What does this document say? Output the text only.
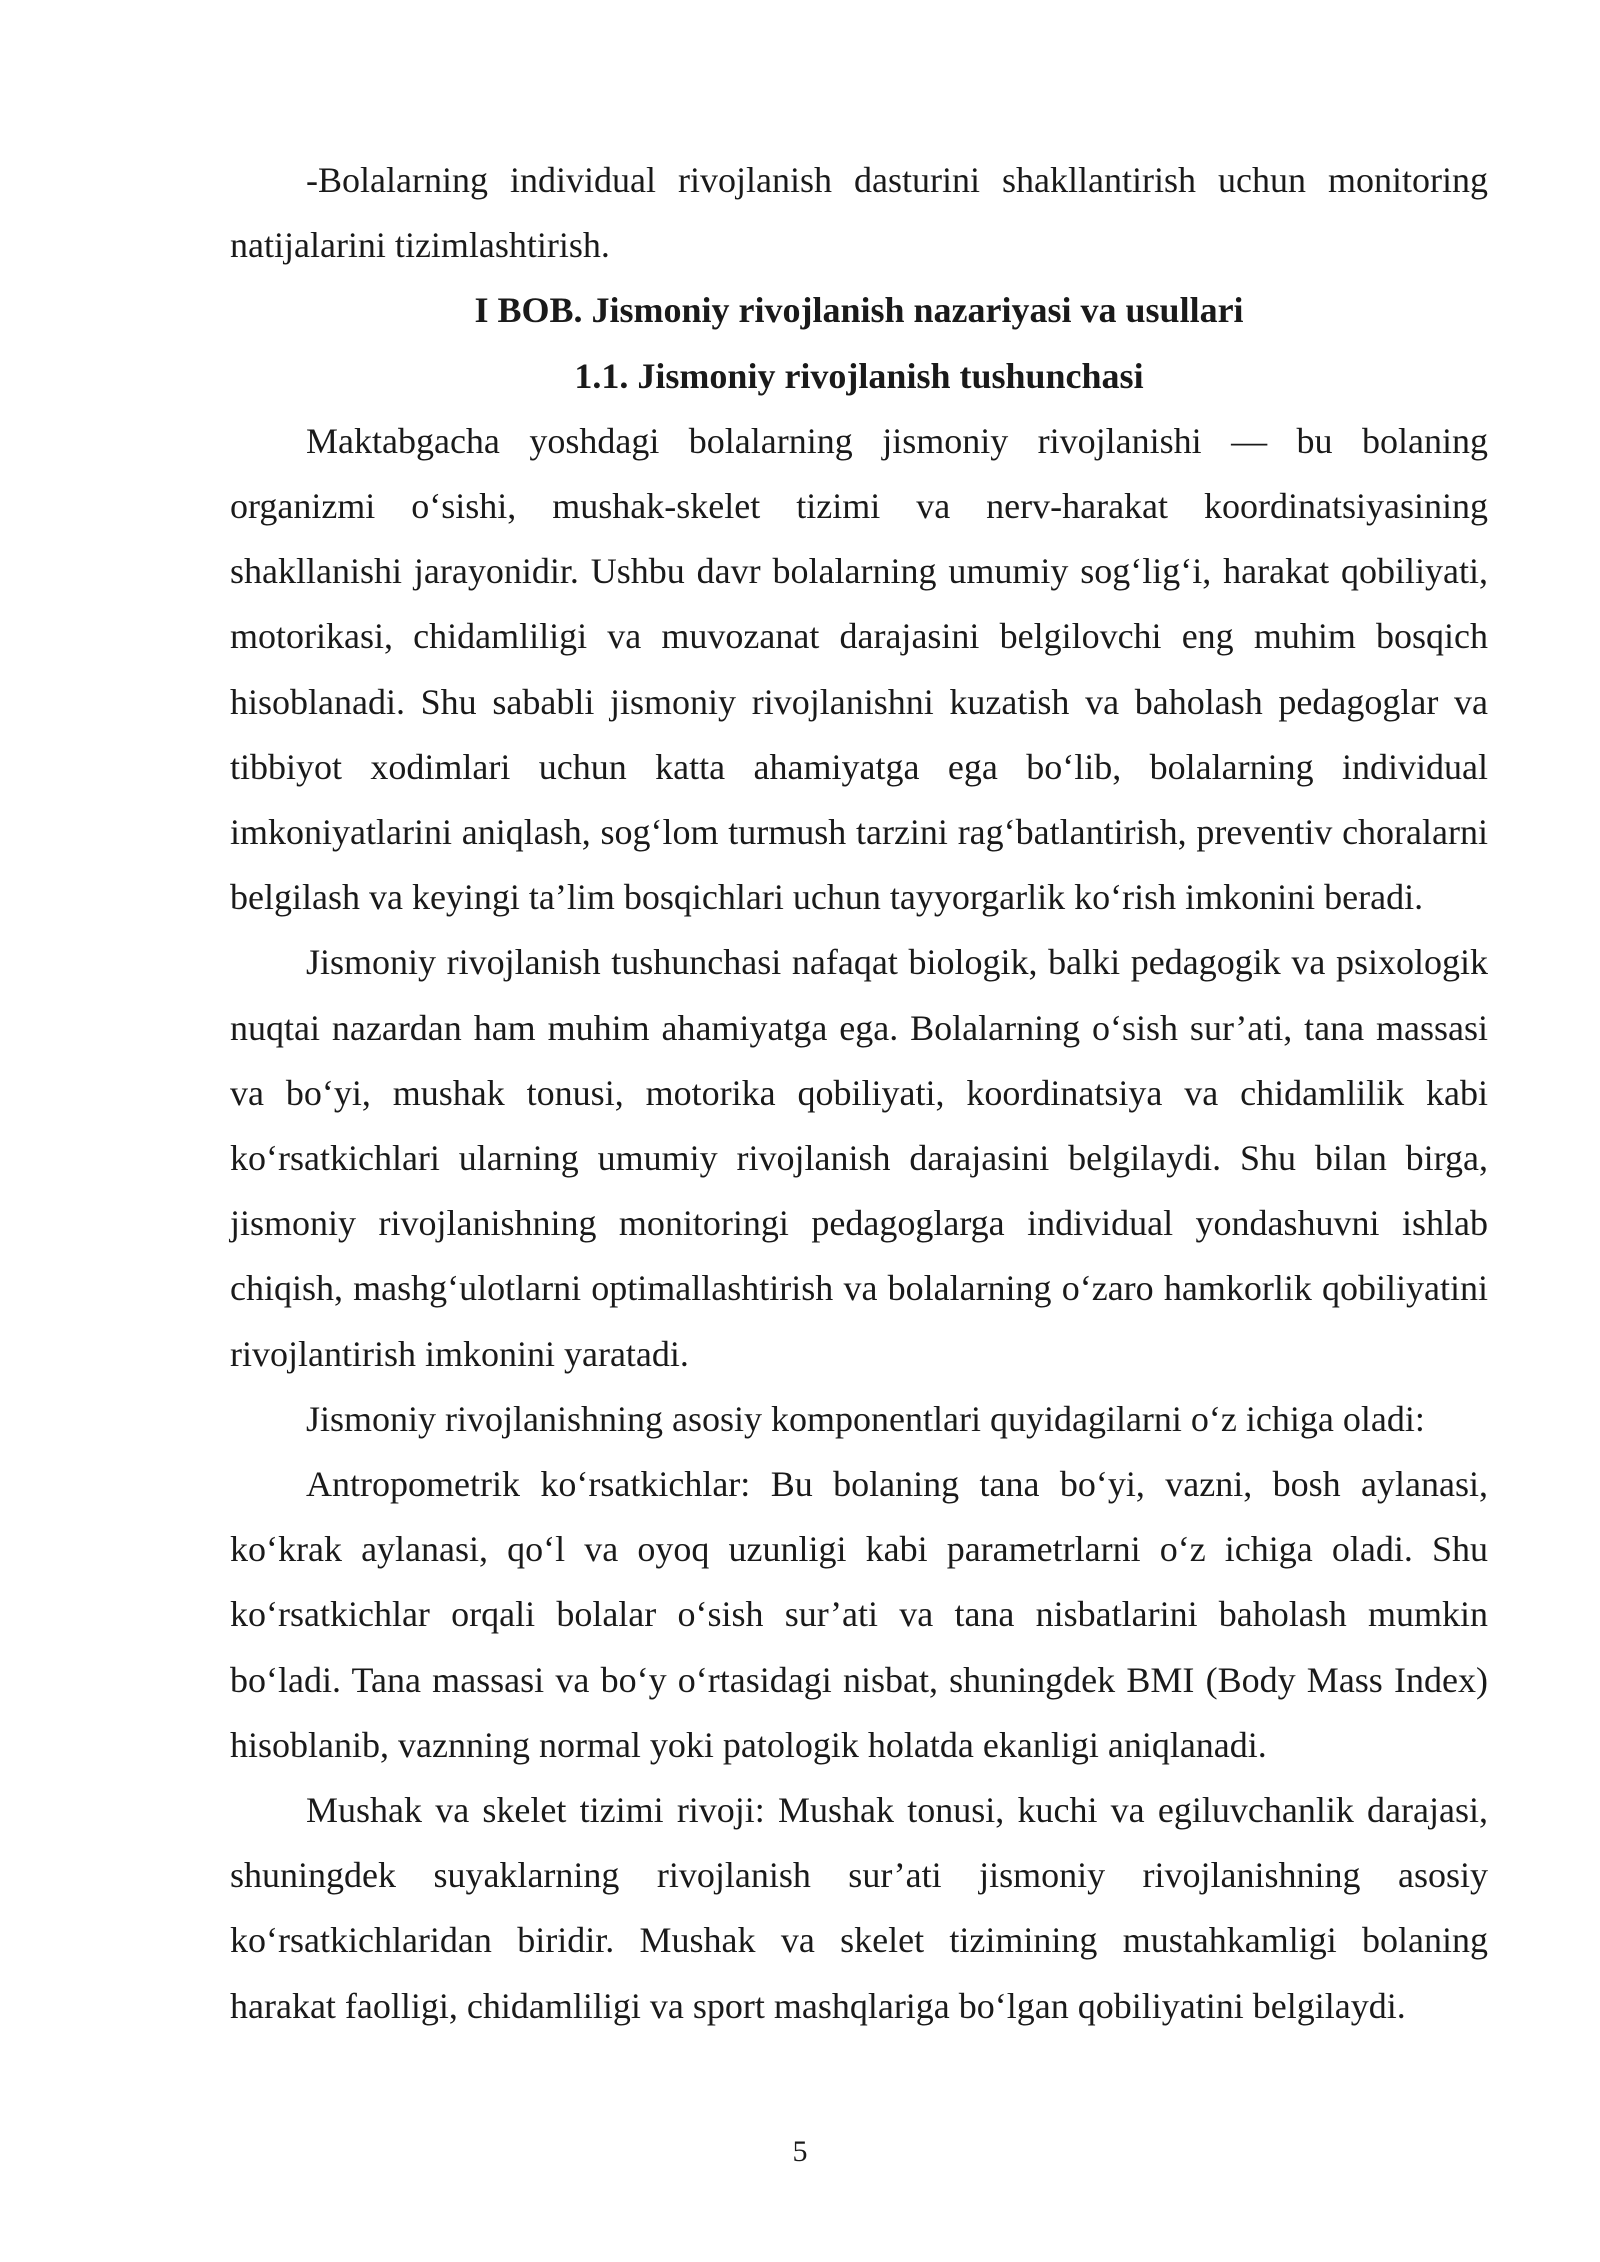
-Bolalarning individual rivojlanish dasturini shakllantirish uchun monitoring natijalarini tizimlashtirish.

I BOB. Jismoniy rivojlanish nazariyasi va usullari
1.1. Jismoniy rivojlanish tushunchasi

Maktabgacha yoshdagi bolalarning jismoniy rivojlanishi — bu bolaning organizmi o‘sishi, mushak-skelet tizimi va nerv-harakat koordinatsiyasining shakllanishi jarayonidir. Ushbu davr bolalarning umumiy sog‘lig‘i, harakat qobiliyati, motorikasi, chidamliligi va muvozanat darajasini belgilovchi eng muhim bosqich hisoblanadi. Shu sababli jismoniy rivojlanishni kuzatish va baholash pedagoglar va tibbiyot xodimlari uchun katta ahamiyatga ega bo‘lib, bolalarning individual imkoniyatlarini aniqlash, sog‘lom turmush tarzini rag‘batlantirish, preventiv choralarni belgilash va keyingi ta’lim bosqichlari uchun tayyorgarlik ko‘rish imkonini beradi.

Jismoniy rivojlanish tushunchasi nafaqat biologik, balki pedagogik va psixologik nuqtai nazardan ham muhim ahamiyatga ega. Bolalarning o‘sish sur’ati, tana massasi va bo‘yi, mushak tonusi, motorika qobiliyati, koordinatsiya va chidamlilik kabi ko‘rsatkichlari ularning umumiy rivojlanish darajasini belgilaydi. Shu bilan birga, jismoniy rivojlanishning monitoringi pedagoglarga individual yondashuvni ishlab chiqish, mashg‘ulotlarni optimallashtirish va bolalarning o‘zaro hamkorlik qobiliyatini rivojlantirish imkonini yaratadi.

Jismoniy rivojlanishning asosiy komponentlari quyidagilarni o‘z ichiga oladi:

Antropometrik ko‘rsatkichlar: Bu bolaning tana bo‘yi, vazni, bosh aylanasi, ko‘krak aylanasi, qo‘l va oyoq uzunligi kabi parametrlarni o‘z ichiga oladi. Shu ko‘rsatkichlar orqali bolalar o‘sish sur’ati va tana nisbatlarini baholash mumkin bo‘ladi. Tana massasi va bo‘y o‘rtasidagi nisbat, shuningdek BMI (Body Mass Index) hisoblanib, vaznning normal yoki patologik holatda ekanligi aniqlanadi.

Mushak va skelet tizimi rivoji: Mushak tonusi, kuchi va egiluvchanlik darajasi, shuningdek suyaklarning rivojlanish sur’ati jismoniy rivojlanishning asosiy ko‘rsatkichlaridan biridir. Mushak va skelet tizimining mustahkamligi bolaning harakat faolligi, chidamliligi va sport mashqlariga bo‘lgan qobiliyatini belgilaydi.

5
